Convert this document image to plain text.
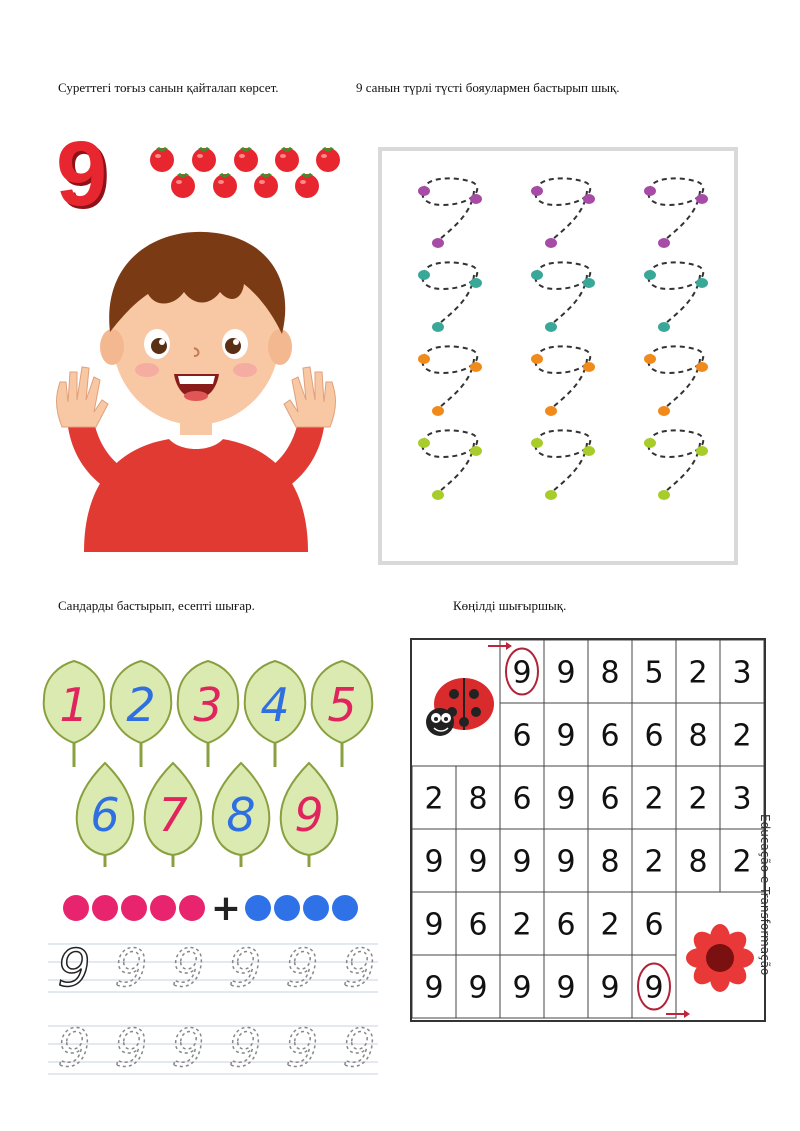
Суреттегі тоғыз санын қайталап көрсет.	9 санын түрлі түсті бояулармен бастырып шық.
Сандарды бастырып, есепті шығар.	Көңілді шығыршық.
9
1 2 3 4 5
6 7 8 9
+
9 9 9 9 9 9
9 9 9 9 9 9
9 9 8 5 2 3
6 9 6 6 8 2
2 8 6 9 6 2 2 3
9 9 9 9 8 2 8 2
9 6 2 6 2 6
9 9 9 9 9 9
Educação e Transformação
